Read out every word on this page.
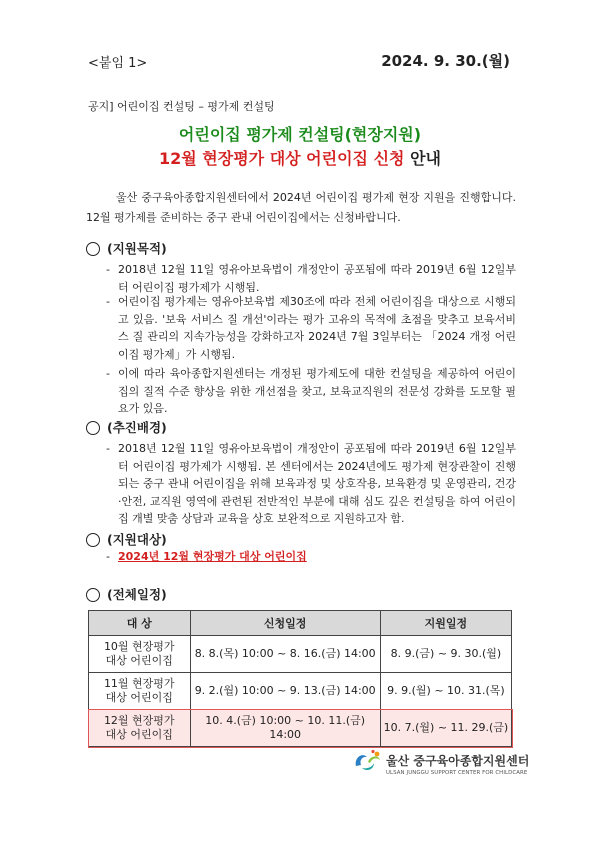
<붙임 1>	2024. 9. 30.(월)
공지] 어린이집 컨설팅 – 평가제 컨설팅
어린이집 평가제 컨설팅(현장지원)
12월 현장평가 대상 어린이집 신청 안내

울산 중구육아종합지원센터에서 2024년 어린이집 평가제 현장 지원을 진행합니다. 12월 평가제를 준비하는 중구 관내 어린이집에서는 신청바랍니다.

(지원목적)
- 2018년 12월 11일 영유아보육법이 개정안이 공포됨에 따라 2019년 6월 12일부터 어린이집 평가제가 시행됨.
- 어린이집 평가제는 영유아보육법 제30조에 따라 전체 어린이집을 대상으로 시행되고 있음. '보육 서비스 질 개선'이라는 평가 고유의 목적에 초점을 맞추고 보육서비스 질 관리의 지속가능성을 강화하고자 2024년 7월 3일부터는 「2024 개정 어린이집 평가제」가 시행됨.
- 이에 따라 육아종합지원센터는 개정된 평가제도에 대한 컨설팅을 제공하여 어린이집의 질적 수준 향상을 위한 개선점을 찾고, 보육교직원의 전문성 강화를 도모할 필요가 있음.
(추진배경)
- 2018년 12월 11일 영유아보육법이 개정안이 공포됨에 따라 2019년 6월 12일부터 어린이집 평가제가 시행됨. 본 센터에서는 2024년에도 평가제 현장관찰이 진행되는 중구 관내 어린이집을 위해 보육과정 및 상호작용, 보육환경 및 운영관리, 건강·안전, 교직원 영역에 관련된 전반적인 부분에 대해 심도 깊은 컨설팅을 하여 어린이집 개별 맞춤 상담과 교육을 상호 보완적으로 지원하고자 함.
(지원대상)
- 2024년 12월 현장평가 대상 어린이집
(전체일정)
대 상	신청일정	지원일정
10월 현장평가
대상 어린이집	8. 8.(목) 10:00 ~ 8. 16.(금) 14:00	8. 9.(금) ~ 9. 30.(월)
11월 현장평가
대상 어린이집	9. 2.(월) 10:00 ~ 9. 13.(금) 14:00	9. 9.(월) ~ 10. 31.(목)
12월 현장평가
대상 어린이집	10. 4.(금) 10:00 ~ 10. 11.(금) 14:00	10. 7.(월) ~ 11. 29.(금)
울산 중구육아종합지원센터
ULSAN JUNGGU SUPPORT CENTER FOR CHILDCARE
